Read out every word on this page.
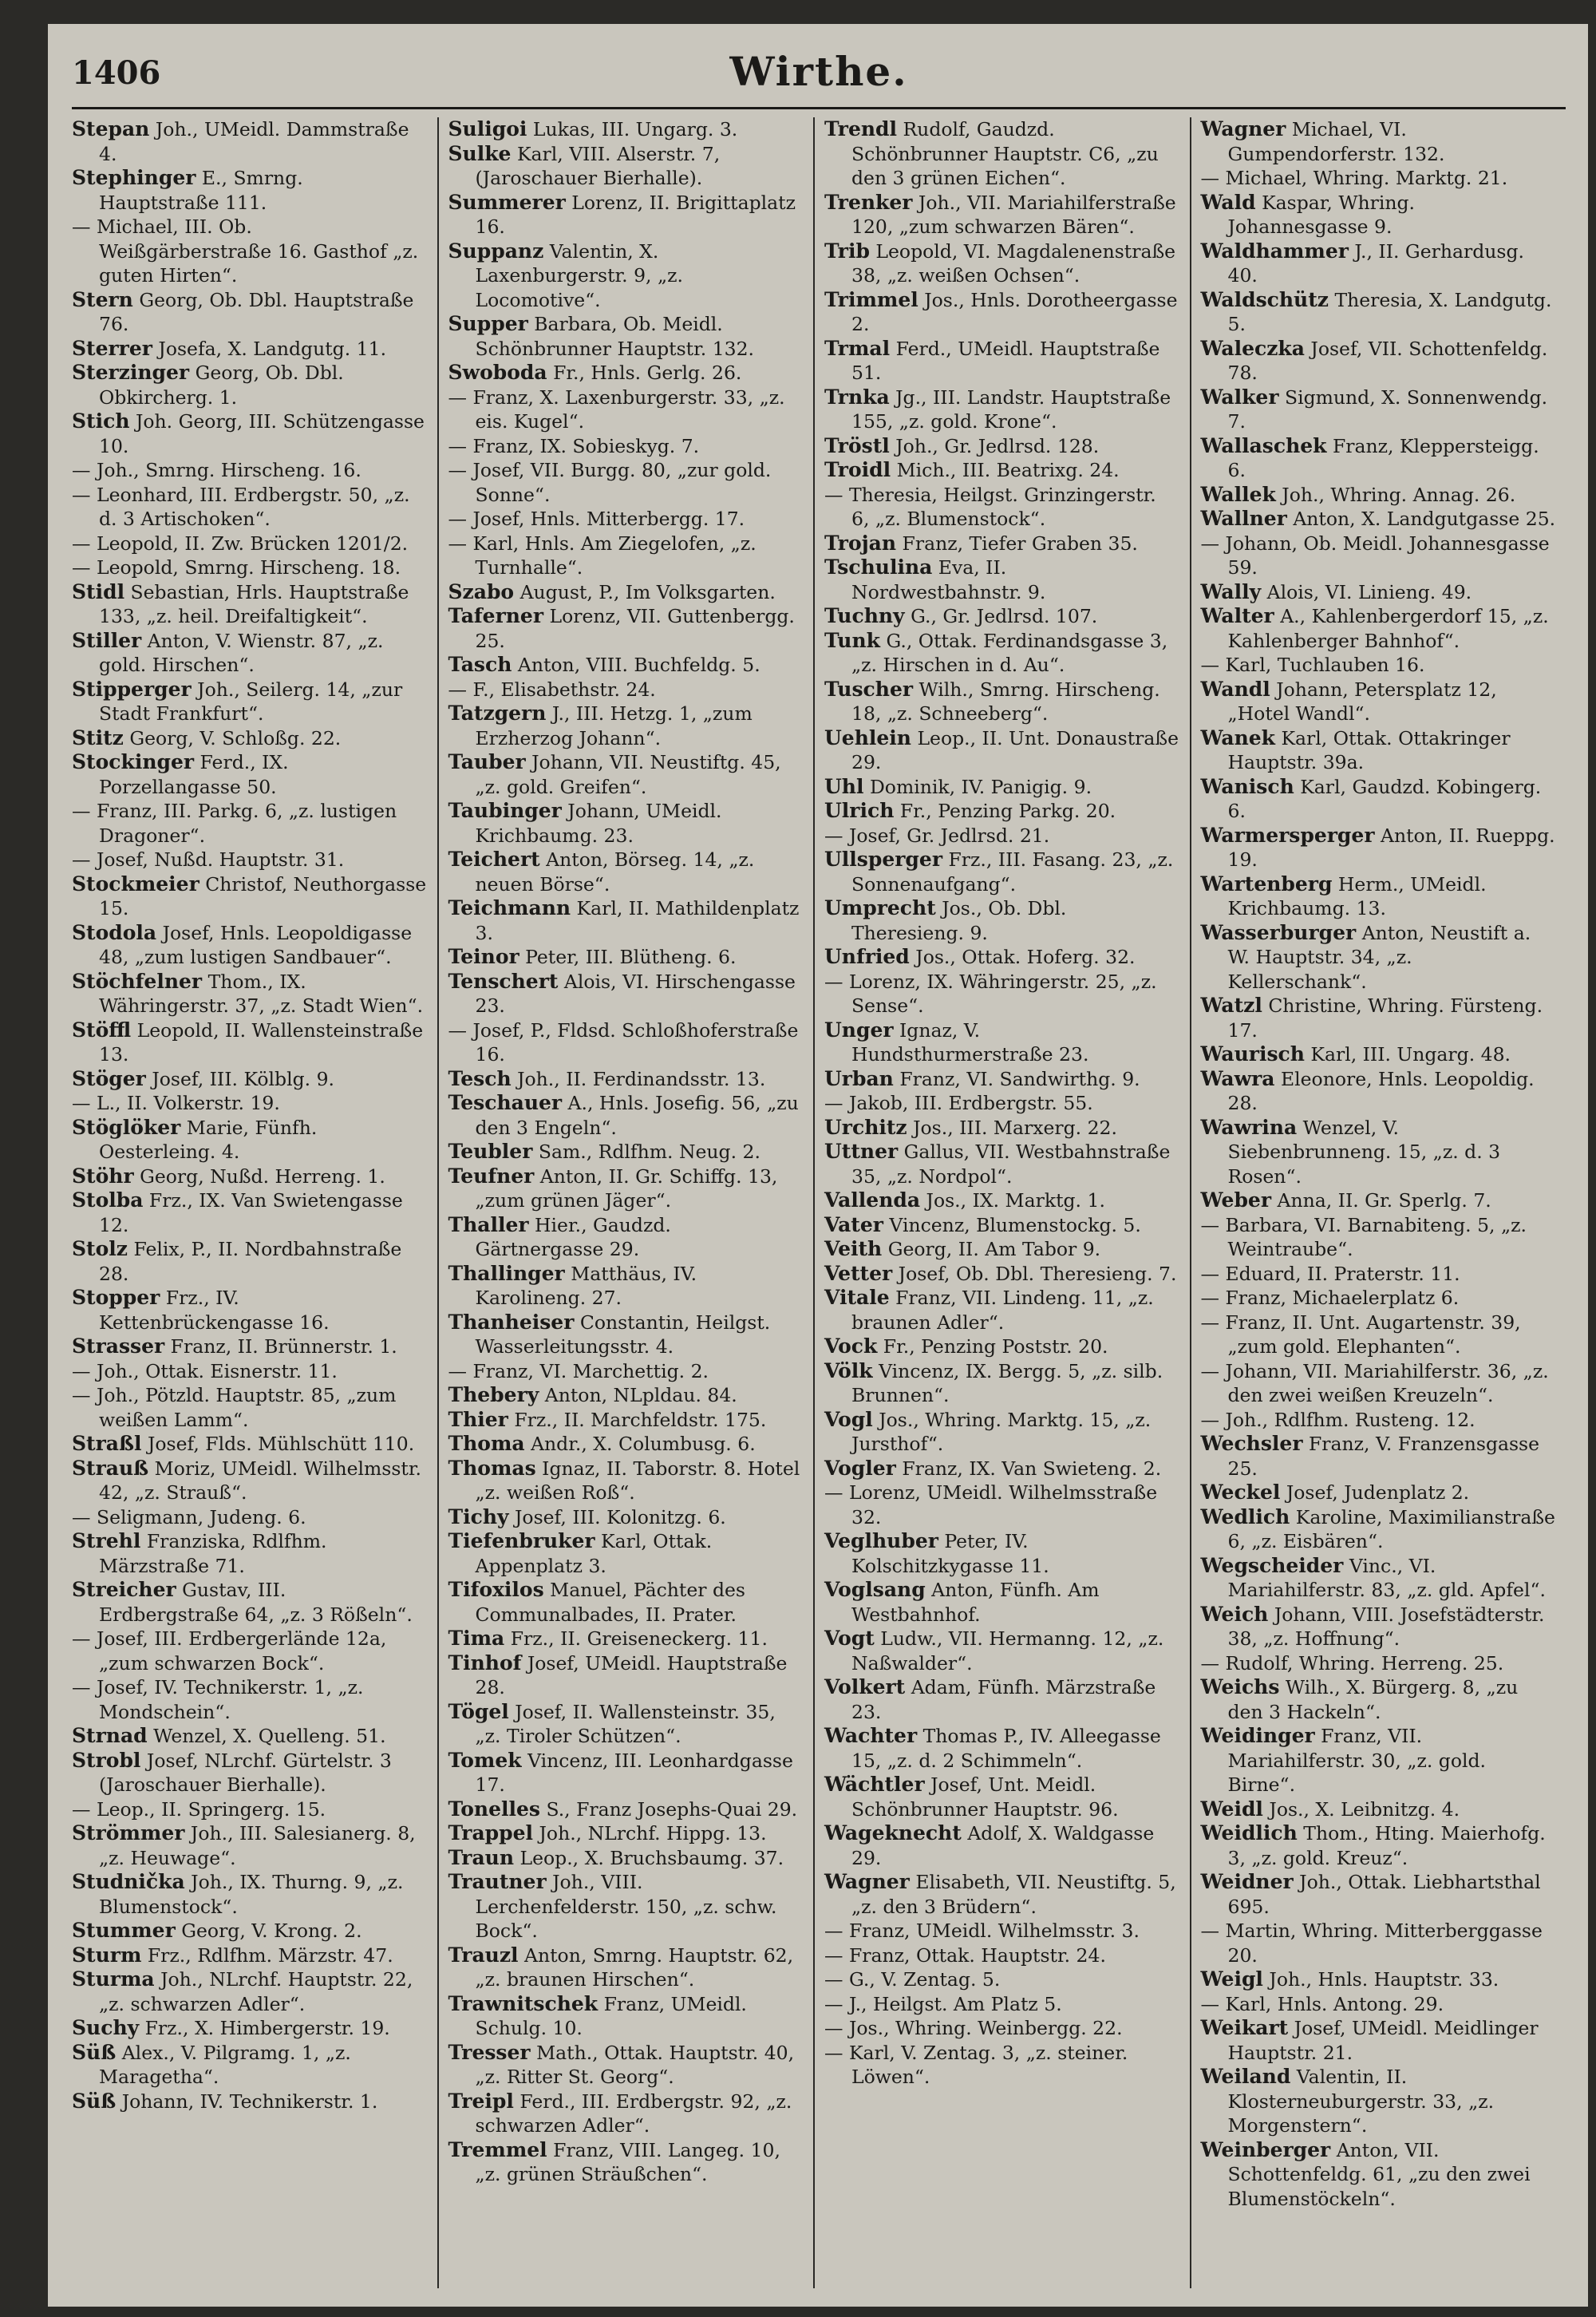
1406	Wirthe.

Stepan Joh., UMeidl. Dammstraße 4.

Stephinger E., Smrng. Hauptstraße 111.

— Michael, III. Ob. Weißgärberstraße 16. Gasthof „z. guten Hirten“.

Stern Georg, Ob. Dbl. Hauptstraße 76.

Sterrer Josefa, X. Landgutg. 11.

Sterzinger Georg, Ob. Dbl. Obkircherg. 1.

Stich Joh. Georg, III. Schützengasse 10.

— Joh., Smrng. Hirscheng. 16.

— Leonhard, III. Erdbergstr. 50, „z. d. 3 Artischoken“.

— Leopold, II. Zw. Brücken 1201/2.

— Leopold, Smrng. Hirscheng. 18.

Stidl Sebastian, Hrls. Hauptstraße 133, „z. heil. Dreifaltigkeit“.

Stiller Anton, V. Wienstr. 87, „z. gold. Hirschen“.

Stipperger Joh., Seilerg. 14, „zur Stadt Frankfurt“.

Stitz Georg, V. Schloßg. 22.

Stockinger Ferd., IX. Porzellangasse 50.

— Franz, III. Parkg. 6, „z. lustigen Dragoner“.

— Josef, Nußd. Hauptstr. 31.

Stockmeier Christof, Neuthorgasse 15.

Stodola Josef, Hnls. Leopoldigasse 48, „zum lustigen Sandbauer“.

Stöchfelner Thom., IX. Währingerstr. 37, „z. Stadt Wien“.

Stöffl Leopold, II. Wallensteinstraße 13.

Stöger Josef, III. Kölblg. 9.

— L., II. Volkerstr. 19.

Stöglöker Marie, Fünfh. Oesterleing. 4.

Stöhr Georg, Nußd. Herreng. 1.

Stolba Frz., IX. Van Swietengasse 12.

Stolz Felix, P., II. Nordbahnstraße 28.

Stopper Frz., IV. Kettenbrückengasse 16.

Strasser Franz, II. Brünnerstr. 1.

— Joh., Ottak. Eisnerstr. 11.

— Joh., Pötzld. Hauptstr. 85, „zum weißen Lamm“.

Straßl Josef, Flds. Mühlschütt 110.

Strauß Moriz, UMeidl. Wilhelmsstr. 42, „z. Strauß“.

— Seligmann, Judeng. 6.

Strehl Franziska, Rdlfhm. Märzstraße 71.

Streicher Gustav, III. Erdbergstraße 64, „z. 3 Rößeln“.

— Josef, III. Erdbergerlände 12a, „zum schwarzen Bock“.

— Josef, IV. Technikerstr. 1, „z. Mondschein“.

Strnad Wenzel, X. Quelleng. 51.

Strobl Josef, NLrchf. Gürtelstr. 3 (Jaroschauer Bierhalle).

— Leop., II. Springerg. 15.

Strömmer Joh., III. Salesianerg. 8, „z. Heuwage“.

Studnička Joh., IX. Thurng. 9, „z. Blumenstock“.

Stummer Georg, V. Krong. 2.

Sturm Frz., Rdlfhm. Märzstr. 47.

Sturma Joh., NLrchf. Hauptstr. 22, „z. schwarzen Adler“.

Suchy Frz., X. Himbergerstr. 19.

Süß Alex., V. Pilgramg. 1, „z. Maragetha“.

Süß Johann, IV. Technikerstr. 1.

Suligoi Lukas, III. Ungarg. 3.

Sulke Karl, VIII. Alserstr. 7, (Jaroschauer Bierhalle).

Summerer Lorenz, II. Brigittaplatz 16.

Suppanz Valentin, X. Laxenburgerstr. 9, „z. Locomotive“.

Supper Barbara, Ob. Meidl. Schönbrunner Hauptstr. 132.

Swoboda Fr., Hnls. Gerlg. 26.

— Franz, X. Laxenburgerstr. 33, „z. eis. Kugel“.

— Franz, IX. Sobieskyg. 7.

— Josef, VII. Burgg. 80, „zur gold. Sonne“.

— Josef, Hnls. Mitterbergg. 17.

— Karl, Hnls. Am Ziegelofen, „z. Turnhalle“.

Szabo August, P., Im Volksgarten.

Taferner Lorenz, VII. Guttenbergg. 25.

Tasch Anton, VIII. Buchfeldg. 5.

— F., Elisabethstr. 24.

Tatzgern J., III. Hetzg. 1, „zum Erzherzog Johann“.

Tauber Johann, VII. Neustiftg. 45, „z. gold. Greifen“.

Taubinger Johann, UMeidl. Krichbaumg. 23.

Teichert Anton, Börseg. 14, „z. neuen Börse“.

Teichmann Karl, II. Mathildenplatz 3.

Teinor Peter, III. Blütheng. 6.

Tenschert Alois, VI. Hirschengasse 23.

— Josef, P., Fldsd. Schloßhoferstraße 16.

Tesch Joh., II. Ferdinandsstr. 13.

Teschauer A., Hnls. Josefig. 56, „zu den 3 Engeln“.

Teubler Sam., Rdlfhm. Neug. 2.

Teufner Anton, II. Gr. Schiffg. 13, „zum grünen Jäger“.

Thaller Hier., Gaudzd. Gärtnergasse 29.

Thallinger Matthäus, IV. Karolineng. 27.

Thanheiser Constantin, Heilgst. Wasserleitungsstr. 4.

— Franz, VI. Marchettig. 2.

Thebery Anton, NLpldau. 84.

Thier Frz., II. Marchfeldstr. 175.

Thoma Andr., X. Columbusg. 6.

Thomas Ignaz, II. Taborstr. 8. Hotel „z. weißen Roß“.

Tichy Josef, III. Kolonitzg. 6.

Tiefenbruker Karl, Ottak. Appenplatz 3.

Tifoxilos Manuel, Pächter des Communalbades, II. Prater.

Tima Frz., II. Greiseneckerg. 11.

Tinhof Josef, UMeidl. Hauptstraße 28.

Tögel Josef, II. Wallensteinstr. 35, „z. Tiroler Schützen“.

Tomek Vincenz, III. Leonhardgasse 17.

Tonelles S., Franz Josephs-Quai 29.

Trappel Joh., NLrchf. Hippg. 13.

Traun Leop., X. Bruchsbaumg. 37.

Trautner Joh., VIII. Lerchenfelderstr. 150, „z. schw. Bock“.

Trauzl Anton, Smrng. Hauptstr. 62, „z. braunen Hirschen“.

Trawnitschek Franz, UMeidl. Schulg. 10.

Tresser Math., Ottak. Hauptstr. 40, „z. Ritter St. Georg“.

Treipl Ferd., III. Erdbergstr. 92, „z. schwarzen Adler“.

Tremmel Franz, VIII. Langeg. 10, „z. grünen Sträußchen“.

Trendl Rudolf, Gaudzd. Schönbrunner Hauptstr. C6, „zu den 3 grünen Eichen“.

Trenker Joh., VII. Mariahilferstraße 120, „zum schwarzen Bären“.

Trib Leopold, VI. Magdalenenstraße 38, „z. weißen Ochsen“.

Trimmel Jos., Hnls. Dorotheergasse 2.

Trmal Ferd., UMeidl. Hauptstraße 51.

Trnka Jg., III. Landstr. Hauptstraße 155, „z. gold. Krone“.

Tröstl Joh., Gr. Jedlrsd. 128.

Troidl Mich., III. Beatrixg. 24.

— Theresia, Heilgst. Grinzingerstr. 6, „z. Blumenstock“.

Trojan Franz, Tiefer Graben 35.

Tschulina Eva, II. Nordwestbahnstr. 9.

Tuchny G., Gr. Jedlrsd. 107.

Tunk G., Ottak. Ferdinandsgasse 3, „z. Hirschen in d. Au“.

Tuscher Wilh., Smrng. Hirscheng. 18, „z. Schneeberg“.

Uehlein Leop., II. Unt. Donaustraße 29.

Uhl Dominik, IV. Panigig. 9.

Ulrich Fr., Penzing Parkg. 20.

— Josef, Gr. Jedlrsd. 21.

Ullsperger Frz., III. Fasang. 23, „z. Sonnenaufgang“.

Umprecht Jos., Ob. Dbl. Theresieng. 9.

Unfried Jos., Ottak. Hoferg. 32.

— Lorenz, IX. Währingerstr. 25, „z. Sense“.

Unger Ignaz, V. Hundsthurmerstraße 23.

Urban Franz, VI. Sandwirthg. 9.

— Jakob, III. Erdbergstr. 55.

Urchitz Jos., III. Marxerg. 22.

Uttner Gallus, VII. Westbahnstraße 35, „z. Nordpol“.

Vallenda Jos., IX. Marktg. 1.

Vater Vincenz, Blumenstockg. 5.

Veith Georg, II. Am Tabor 9.

Vetter Josef, Ob. Dbl. Theresieng. 7.

Vitale Franz, VII. Lindeng. 11, „z. braunen Adler“.

Vock Fr., Penzing Poststr. 20.

Völk Vincenz, IX. Bergg. 5, „z. silb. Brunnen“.

Vogl Jos., Whring. Marktg. 15, „z. Jursthof“.

Vogler Franz, IX. Van Swieteng. 2.

— Lorenz, UMeidl. Wilhelmsstraße 32.

Veglhuber Peter, IV. Kolschitzkygasse 11.

Voglsang Anton, Fünfh. Am Westbahnhof.

Vogt Ludw., VII. Hermanng. 12, „z. Naßwalder“.

Volkert Adam, Fünfh. Märzstraße 23.

Wachter Thomas P., IV. Alleegasse 15, „z. d. 2 Schimmeln“.

Wächtler Josef, Unt. Meidl. Schönbrunner Hauptstr. 96.

Wageknecht Adolf, X. Waldgasse 29.

Wagner Elisabeth, VII. Neustiftg. 5, „z. den 3 Brüdern“.

— Franz, UMeidl. Wilhelmsstr. 3.

— Franz, Ottak. Hauptstr. 24.

— G., V. Zentag. 5.

— J., Heilgst. Am Platz 5.

— Jos., Whring. Weinbergg. 22.

— Karl, V. Zentag. 3, „z. steiner. Löwen“.

Wagner Michael, VI. Gumpendorferstr. 132.

— Michael, Whring. Marktg. 21.

Wald Kaspar, Whring. Johannesgasse 9.

Waldhammer J., II. Gerhardusg. 40.

Waldschütz Theresia, X. Landgutg. 5.

Waleczka Josef, VII. Schottenfeldg. 78.

Walker Sigmund, X. Sonnenwendg. 7.

Wallaschek Franz, Kleppersteigg. 6.

Wallek Joh., Whring. Annag. 26.

Wallner Anton, X. Landgutgasse 25.

— Johann, Ob. Meidl. Johannesgasse 59.

Wally Alois, VI. Linieng. 49.

Walter A., Kahlenbergerdorf 15, „z. Kahlenberger Bahnhof“.

— Karl, Tuchlauben 16.

Wandl Johann, Petersplatz 12, „Hotel Wandl“.

Wanek Karl, Ottak. Ottakringer Hauptstr. 39a.

Wanisch Karl, Gaudzd. Kobingerg. 6.

Warmersperger Anton, II. Rueppg. 19.

Wartenberg Herm., UMeidl. Krichbaumg. 13.

Wasserburger Anton, Neustift a. W. Hauptstr. 34, „z. Kellerschank“.

Watzl Christine, Whring. Fürsteng. 17.

Waurisch Karl, III. Ungarg. 48.

Wawra Eleonore, Hnls. Leopoldig. 28.

Wawrina Wenzel, V. Siebenbrunneng. 15, „z. d. 3 Rosen“.

Weber Anna, II. Gr. Sperlg. 7.

— Barbara, VI. Barnabiteng. 5, „z. Weintraube“.

— Eduard, II. Praterstr. 11.

— Franz, Michaelerplatz 6.

— Franz, II. Unt. Augartenstr. 39, „zum gold. Elephanten“.

— Johann, VII. Mariahilferstr. 36, „z. den zwei weißen Kreuzeln“.

— Joh., Rdlfhm. Rusteng. 12.

Wechsler Franz, V. Franzensgasse 25.

Weckel Josef, Judenplatz 2.

Wedlich Karoline, Maximilianstraße 6, „z. Eisbären“.

Wegscheider Vinc., VI. Mariahilferstr. 83, „z. gld. Apfel“.

Weich Johann, VIII. Josefstädterstr. 38, „z. Hoffnung“.

— Rudolf, Whring. Herreng. 25.

Weichs Wilh., X. Bürgerg. 8, „zu den 3 Hackeln“.

Weidinger Franz, VII. Mariahilferstr. 30, „z. gold. Birne“.

Weidl Jos., X. Leibnitzg. 4.

Weidlich Thom., Hting. Maierhofg. 3, „z. gold. Kreuz“.

Weidner Joh., Ottak. Liebhartsthal 695.

— Martin, Whring. Mitterberggasse 20.

Weigl Joh., Hnls. Hauptstr. 33.

— Karl, Hnls. Antong. 29.

Weikart Josef, UMeidl. Meidlinger Hauptstr. 21.

Weiland Valentin, II. Klosterneuburgerstr. 33, „z. Morgenstern“.

Weinberger Anton, VII. Schottenfeldg. 61, „zu den zwei Blumenstöckeln“.
